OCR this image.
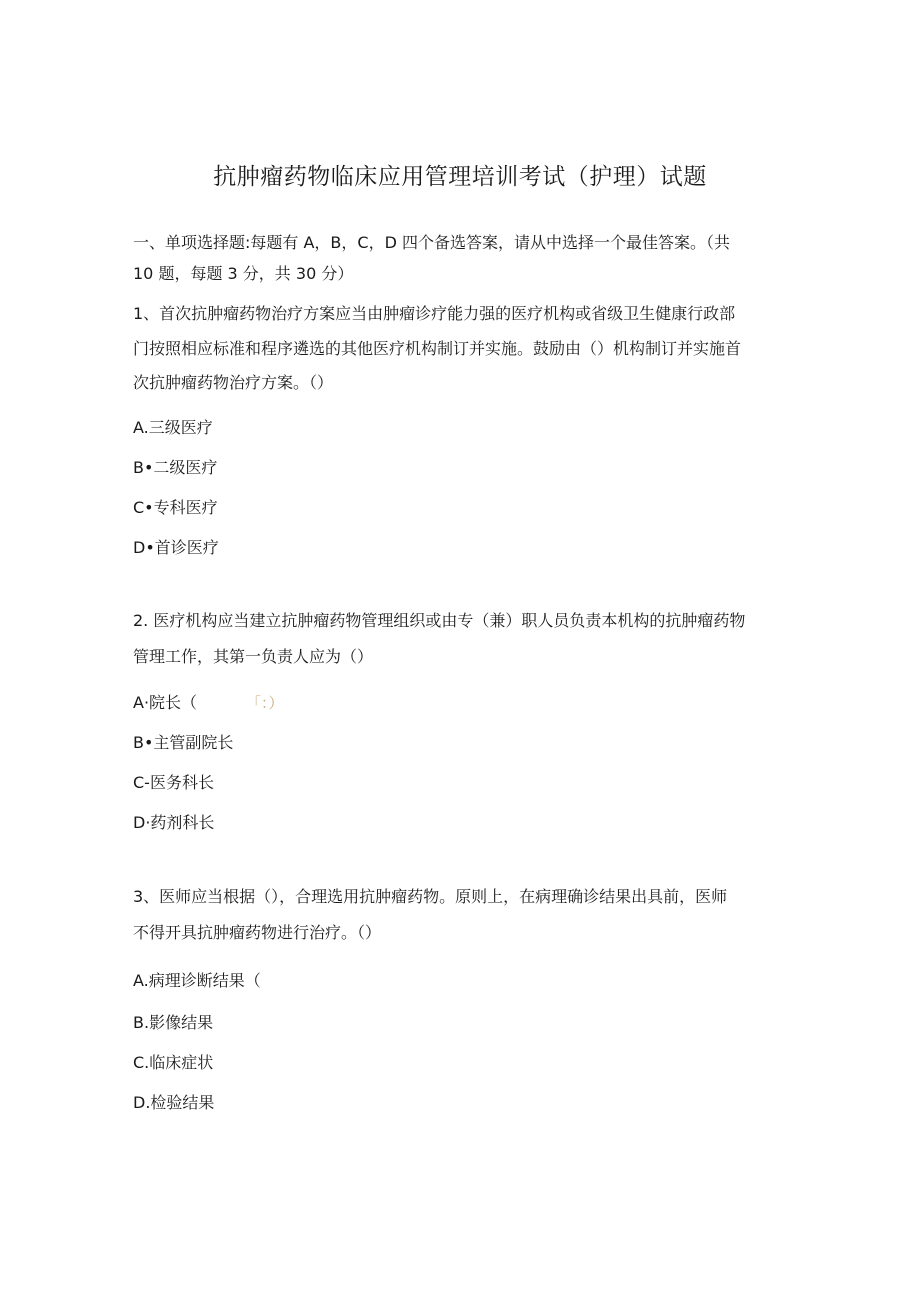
抗肿瘤药物临床应用管理培训考试（护理）试题
一、单项选择题:每题有 A，B，C，D 四个备选答案，请从中选择一个最佳答案。（共
10 题，每题 3 分，共 30 分）
1、首次抗肿瘤药物治疗方案应当由肿瘤诊疗能力强的医疗机构或省级卫生健康行政部
门按照相应标准和程序遴选的其他医疗机构制订并实施。鼓励由（）机构制订并实施首
次抗肿瘤药物治疗方案。（）
A.三级医疗
B•二级医疗
C•专科医疗
D•首诊医疗
2. 医疗机构应当建立抗肿瘤药物管理组织或由专（兼）职人员负责本机构的抗肿瘤药物
管理工作，其第一负责人应为（）
A·院长（	「：）
B•主管副院长
C-医务科长
D·药剂科长
3、医师应当根据（），合理选用抗肿瘤药物。原则上，在病理确诊结果出具前，医师
不得开具抗肿瘤药物进行治疗。（）
A.病理诊断结果（
B.影像结果
C.临床症状
D.检验结果
